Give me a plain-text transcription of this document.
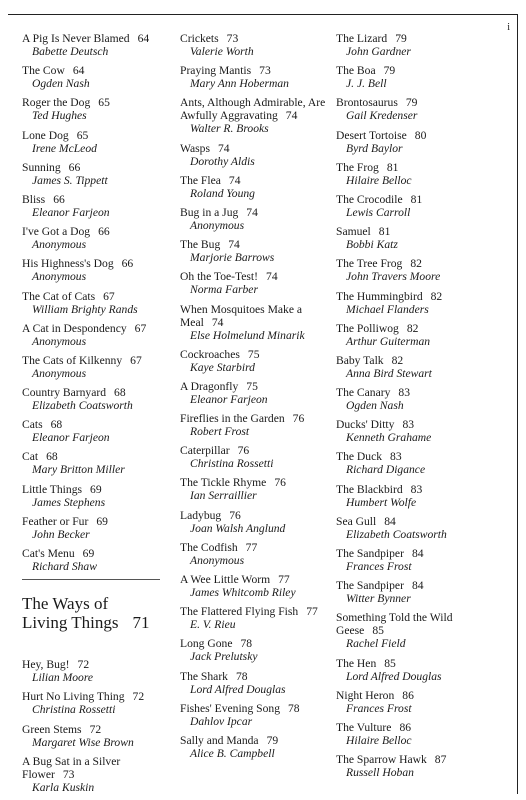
i
A Pig Is Never Blamed 64
Babette Deutsch
The Cow 64
Ogden Nash
Roger the Dog 65
Ted Hughes
Lone Dog 65
Irene McLeod
Sunning 66
James S. Tippett
Bliss 66
Eleanor Farjeon
I've Got a Dog 66
Anonymous
His Highness's Dog 66
Anonymous
The Cat of Cats 67
William Brighty Rands
A Cat in Despondency 67
Anonymous
The Cats of Kilkenny 67
Anonymous
Country Barnyard 68
Elizabeth Coatsworth
Cats 68
Eleanor Farjeon
Cat 68
Mary Britton Miller
Little Things 69
James Stephens
Feather or Fur 69
John Becker
Cat's Menu 69
Richard Shaw
The Ways of
Living Things 71
Hey, Bug! 72
Lilian Moore
Hurt No Living Thing 72
Christina Rossetti
Green Stems 72
Margaret Wise Brown
A Bug Sat in a Silver Flower 73
Karla Kuskin
Crickets 73
Valerie Worth
Praying Mantis 73
Mary Ann Hoberman
Ants, Although Admirable, Are Awfully Aggravating 74
Walter R. Brooks
Wasps 74
Dorothy Aldis
The Flea 74
Roland Young
Bug in a Jug 74
Anonymous
The Bug 74
Marjorie Barrows
Oh the Toe-Test! 74
Norma Farber
When Mosquitoes Make a Meal 74
Else Holmelund Minarik
Cockroaches 75
Kaye Starbird
A Dragonfly 75
Eleanor Farjeon
Fireflies in the Garden 76
Robert Frost
Caterpillar 76
Christina Rossetti
The Tickle Rhyme 76
Ian Serraillier
Ladybug 76
Joan Walsh Anglund
The Codfish 77
Anonymous
A Wee Little Worm 77
James Whitcomb Riley
The Flattered Flying Fish 77
E. V. Rieu
Long Gone 78
Jack Prelutsky
The Shark 78
Lord Alfred Douglas
Fishes' Evening Song 78
Dahlov Ipcar
Sally and Manda 79
Alice B. Campbell
The Lizard 79
John Gardner
The Boa 79
J. J. Bell
Brontosaurus 79
Gail Kredenser
Desert Tortoise 80
Byrd Baylor
The Frog 81
Hilaire Belloc
The Crocodile 81
Lewis Carroll
Samuel 81
Bobbi Katz
The Tree Frog 82
John Travers Moore
The Hummingbird 82
Michael Flanders
The Polliwog 82
Arthur Guiterman
Baby Talk 82
Anna Bird Stewart
The Canary 83
Ogden Nash
Ducks' Ditty 83
Kenneth Grahame
The Duck 83
Richard Digance
The Blackbird 83
Humbert Wolfe
Sea Gull 84
Elizabeth Coatsworth
The Sandpiper 84
Frances Frost
The Sandpiper 84
Witter Bynner
Something Told the Wild Geese 85
Rachel Field
The Hen 85
Lord Alfred Douglas
Night Heron 86
Frances Frost
The Vulture 86
Hilaire Belloc
The Sparrow Hawk 87
Russell Hoban
